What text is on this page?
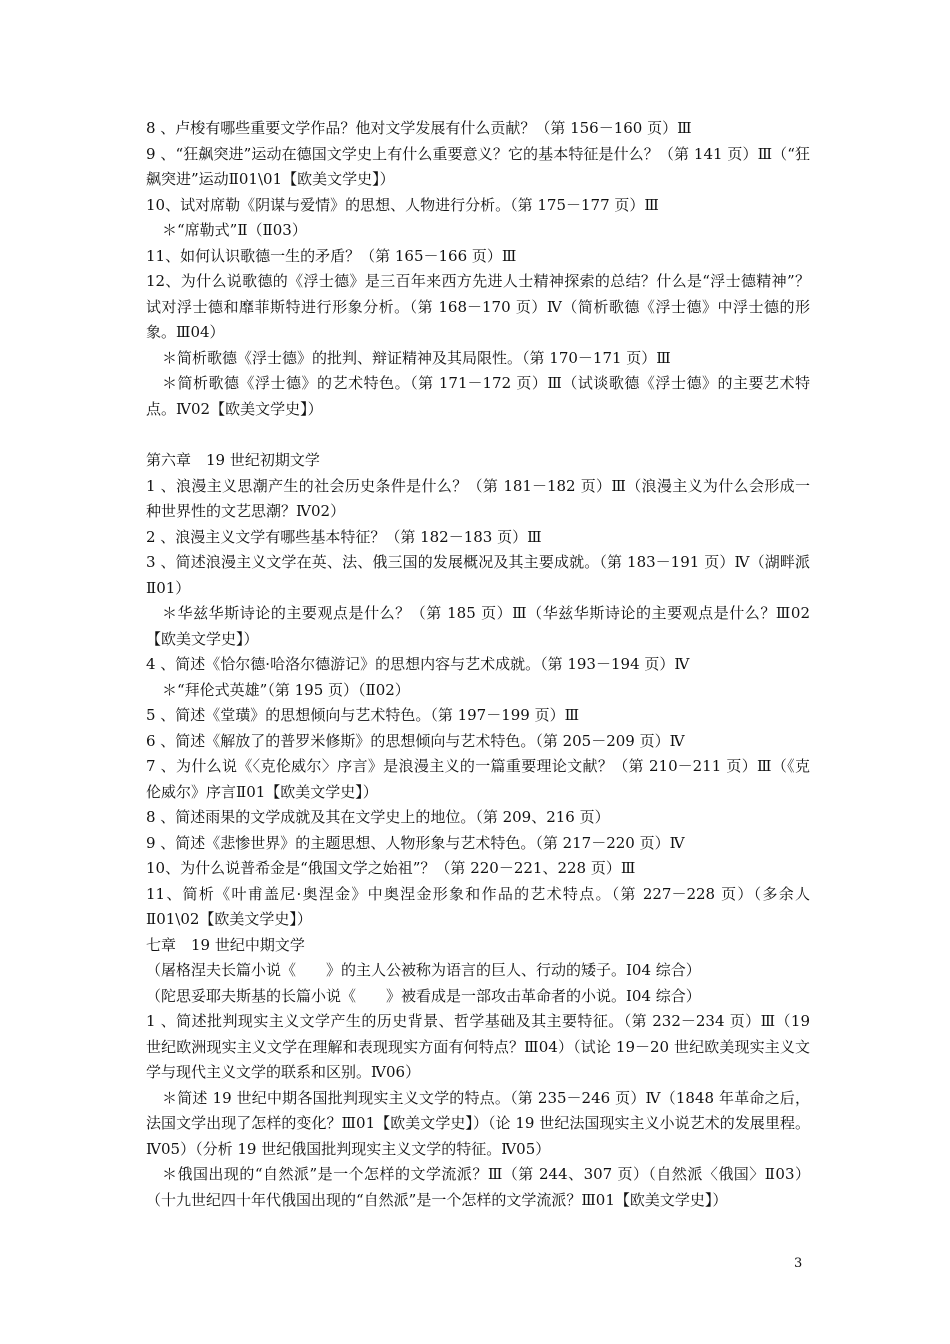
8 、卢梭有哪些重要文学作品？他对文学发展有什么贡献？（第 156－160 页）Ⅲ

9 、“狂飙突进”运动在德国文学史上有什么重要意义？它的基本特征是什么？（第 141 页）Ⅲ（“狂飙突进”运动Ⅱ01\01【欧美文学史】）

10、试对席勒《阴谋与爱情》的思想、人物进行分析。（第 175－177 页）Ⅲ

＊“席勒式”Ⅱ（Ⅱ03）

11、如何认识歌德一生的矛盾？（第 165－166 页）Ⅲ

12、为什么说歌德的《浮士德》是三百年来西方先进人士精神探索的总结？什么是“浮士德精神”？试对浮士德和靡菲斯特进行形象分析。（第 168－170 页）Ⅳ（简析歌德《浮士德》中浮士德的形象。Ⅲ04）

＊简析歌德《浮士德》的批判、辩证精神及其局限性。（第 170－171 页）Ⅲ

＊简析歌德《浮士德》的艺术特色。（第 171－172 页）Ⅲ（试谈歌德《浮士德》的主要艺术特点。Ⅳ02【欧美文学史】）

第六章　19 世纪初期文学

1 、浪漫主义思潮产生的社会历史条件是什么？（第 181－182 页）Ⅲ（浪漫主义为什么会形成一种世界性的文艺思潮？Ⅳ02）

2 、浪漫主义文学有哪些基本特征？（第 182－183 页）Ⅲ

3 、简述浪漫主义文学在英、法、俄三国的发展概况及其主要成就。（第 183－191 页）Ⅳ（湖畔派Ⅱ01）

＊华兹华斯诗论的主要观点是什么？（第 185 页）Ⅲ（华兹华斯诗论的主要观点是什么？Ⅲ02【欧美文学史】）

4 、简述《恰尔德·哈洛尔德游记》的思想内容与艺术成就。（第 193－194 页）Ⅳ

＊“拜伦式英雄”（第 195 页）（Ⅱ02）

5 、简述《堂璜》的思想倾向与艺术特色。（第 197－199 页）Ⅲ

6 、简述《解放了的普罗米修斯》的思想倾向与艺术特色。（第 205－209 页）Ⅳ

7 、为什么说《〈克伦威尔〉序言》是浪漫主义的一篇重要理论文献？（第 210－211 页）Ⅲ（《克伦威尔》序言Ⅱ01【欧美文学史】）

8 、简述雨果的文学成就及其在文学史上的地位。（第 209、216 页）

9 、简述《悲惨世界》的主题思想、人物形象与艺术特色。（第 217－220 页）Ⅳ

10、为什么说普希金是“俄国文学之始祖”？（第 220－221、228 页）Ⅲ

11、简析《叶甫盖尼·奥涅金》中奥涅金形象和作品的艺术特点。（第 227－228 页）（多余人Ⅱ01\02【欧美文学史】）

七章　19 世纪中期文学

（屠格涅夫长篇小说《　　》的主人公被称为语言的巨人、行动的矮子。Ⅰ04 综合）

（陀思妥耶夫斯基的长篇小说《　　》被看成是一部攻击革命者的小说。Ⅰ04 综合）

1 、简述批判现实主义文学产生的历史背景、哲学基础及其主要特征。（第 232－234 页）Ⅲ（19 世纪欧洲现实主义文学在理解和表现现实方面有何特点？Ⅲ04）（试论 19－20 世纪欧美现实主义文学与现代主义文学的联系和区别。Ⅳ06）

＊简述 19 世纪中期各国批判现实主义文学的特点。（第 235－246 页）Ⅳ（1848 年革命之后，法国文学出现了怎样的变化？Ⅲ01【欧美文学史】）（论 19 世纪法国现实主义小说艺术的发展里程。Ⅳ05）（分析 19 世纪俄国批判现实主义文学的特征。Ⅳ05）

＊俄国出现的“自然派”是一个怎样的文学流派？Ⅲ（第 244、307 页）（自然派〈俄国〉Ⅱ03）（十九世纪四十年代俄国出现的“自然派”是一个怎样的文学流派？Ⅲ01【欧美文学史】）

3
